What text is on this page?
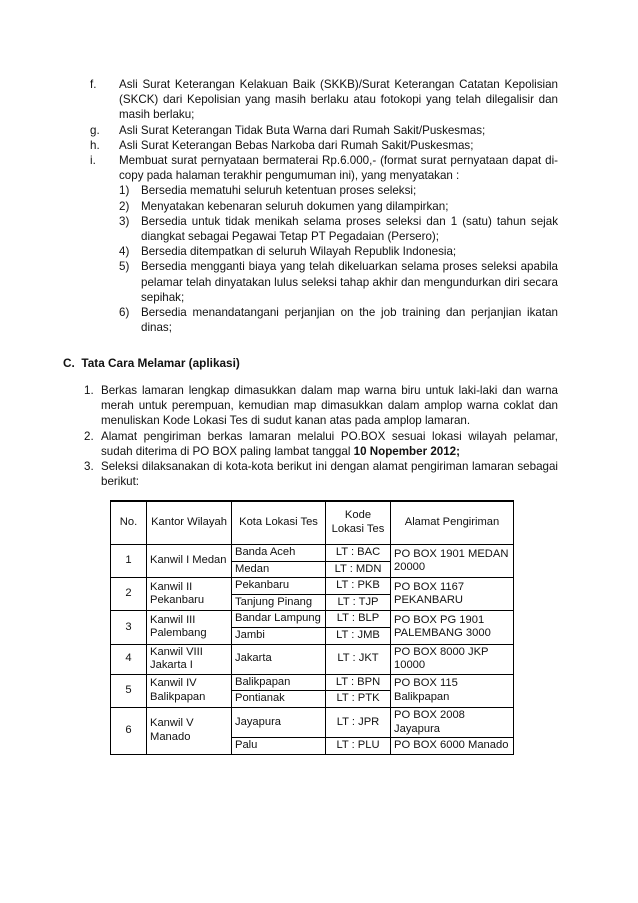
f.	Asli Surat Keterangan Kelakuan Baik (SKKB)/Surat Keterangan Catatan Kepolisian (SKCK) dari Kepolisian yang masih berlaku atau fotokopi yang telah dilegalisir dan masih berlaku;
g.	Asli Surat Keterangan Tidak Buta Warna dari Rumah Sakit/Puskesmas;
h.	Asli Surat Keterangan Bebas Narkoba dari Rumah Sakit/Puskesmas;
i.	Membuat surat pernyataan bermaterai Rp.6.000,- (format surat pernyataan dapat di-copy pada halaman terakhir pengumuman ini), yang menyatakan :
1)	Bersedia mematuhi seluruh ketentuan proses seleksi;
2)	Menyatakan kebenaran seluruh dokumen yang dilampirkan;
3)	Bersedia untuk tidak menikah selama proses seleksi dan 1 (satu) tahun sejak diangkat sebagai Pegawai Tetap PT Pegadaian (Persero);
4)	Bersedia ditempatkan di seluruh Wilayah Republik Indonesia;
5)	Bersedia mengganti biaya yang telah dikeluarkan selama proses seleksi apabila pelamar telah dinyatakan lulus seleksi tahap akhir dan mengundurkan diri secara sepihak;
6)	Bersedia menandatangani perjanjian on the job training dan perjanjian ikatan dinas;
C. Tata Cara Melamar (aplikasi)
1. Berkas lamaran lengkap dimasukkan dalam map warna biru untuk laki-laki dan warna merah untuk perempuan, kemudian map dimasukkan dalam amplop warna coklat dan menuliskan Kode Lokasi Tes di sudut kanan atas pada amplop lamaran.
2. Alamat pengiriman berkas lamaran melalui PO.BOX sesuai lokasi wilayah pelamar, sudah diterima di PO BOX paling lambat tanggal 10 Nopember 2012;
3. Seleksi dilaksanakan di kota-kota berikut ini dengan alamat pengiriman lamaran sebagai berikut:
No.	Kantor Wilayah	Kota Lokasi Tes	Kode Lokasi Tes	Alamat Pengiriman
1	Kanwil I Medan	Banda Aceh	LT : BAC	PO BOX 1901 MEDAN 20000
		Medan	LT : MDN	
2	Kanwil II Pekanbaru	Pekanbaru	LT : PKB	PO BOX 1167 PEKANBARU
		Tanjung Pinang	LT : TJP	
3	Kanwil III Palembang	Bandar Lampung	LT : BLP	PO BOX PG 1901 PALEMBANG 3000
		Jambi	LT : JMB	
4	Kanwil VIII Jakarta I	Jakarta	LT : JKT	PO BOX 8000 JKP 10000
5	Kanwil IV Balikpapan	Balikpapan	LT : BPN	PO BOX 115 Balikpapan
		Pontianak	LT : PTK	
6	Kanwil V Manado	Jayapura	LT : JPR	PO BOX 2008 Jayapura
		Palu	LT : PLU	PO BOX 6000 Manado
